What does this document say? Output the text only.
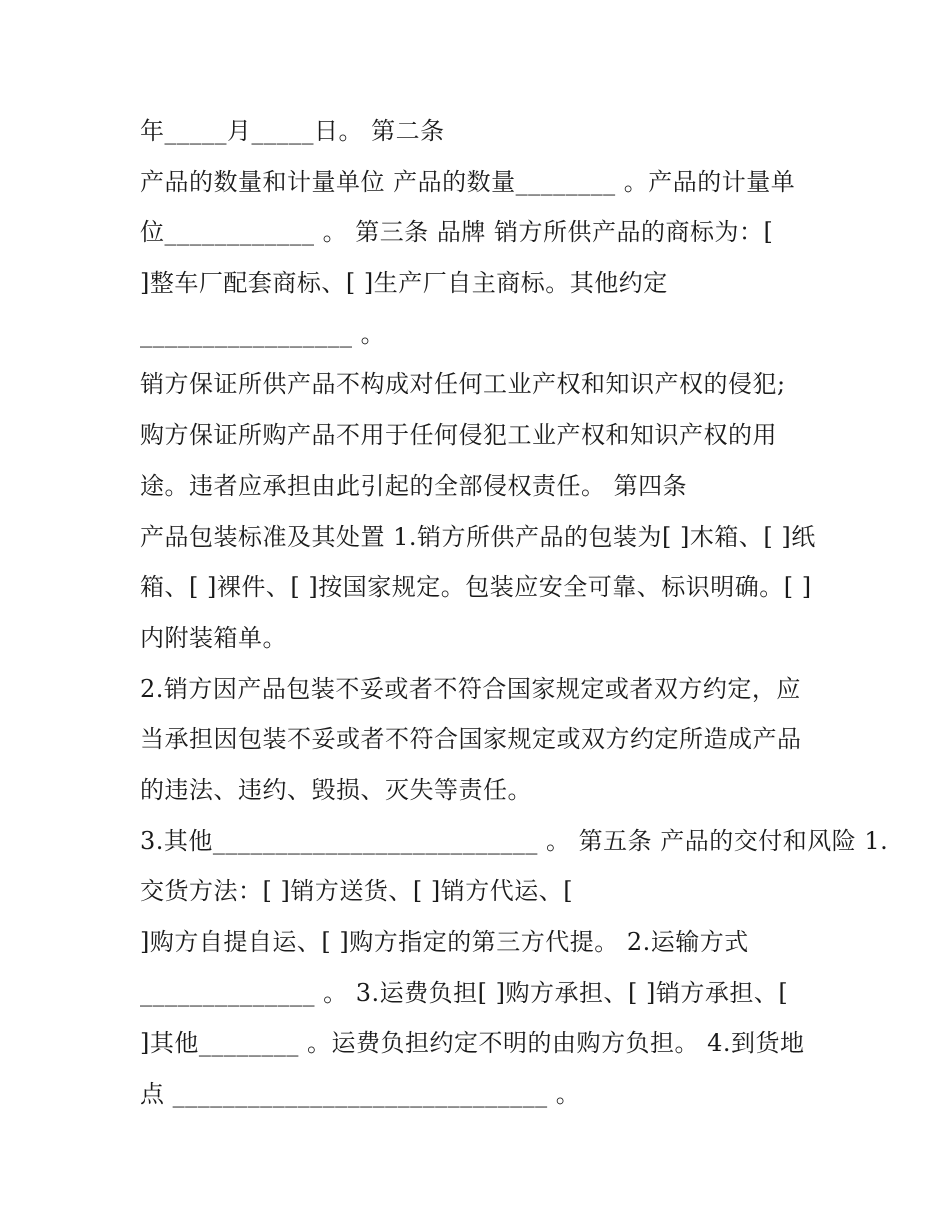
年_____月_____日。 第二条
产品的数量和计量单位 产品的数量________ 。产品的计量单
位____________ 。 第三条 品牌 销方所供产品的商标为：[
]整车厂配套商标、[ ]生产厂自主商标。其他约定
_________________ 。
销方保证所供产品不构成对任何工业产权和知识产权的侵犯;
购方保证所购产品不用于任何侵犯工业产权和知识产权的用
途。违者应承担由此引起的全部侵权责任。 第四条
产品包装标准及其处置 1.销方所供产品的包装为[ ]木箱、[ ]纸
箱、[ ]裸件、[ ]按国家规定。包装应安全可靠、标识明确。[ ]
内附装箱单。
2.销方因产品包装不妥或者不符合国家规定或者双方约定，应
当承担因包装不妥或者不符合国家规定或双方约定所造成产品
的违法、违约、毁损、灭失等责任。
3.其他__________________________ 。 第五条 产品的交付和风险 1.
交货方法：[ ]销方送货、[ ]销方代运、[
]购方自提自运、[ ]购方指定的第三方代提。 2.运输方式
______________ 。 3.运费负担[ ]购方承担、[ ]销方承担、[
]其他________ 。运费负担约定不明的由购方负担。 4.到货地
点 ______________________________ 。
